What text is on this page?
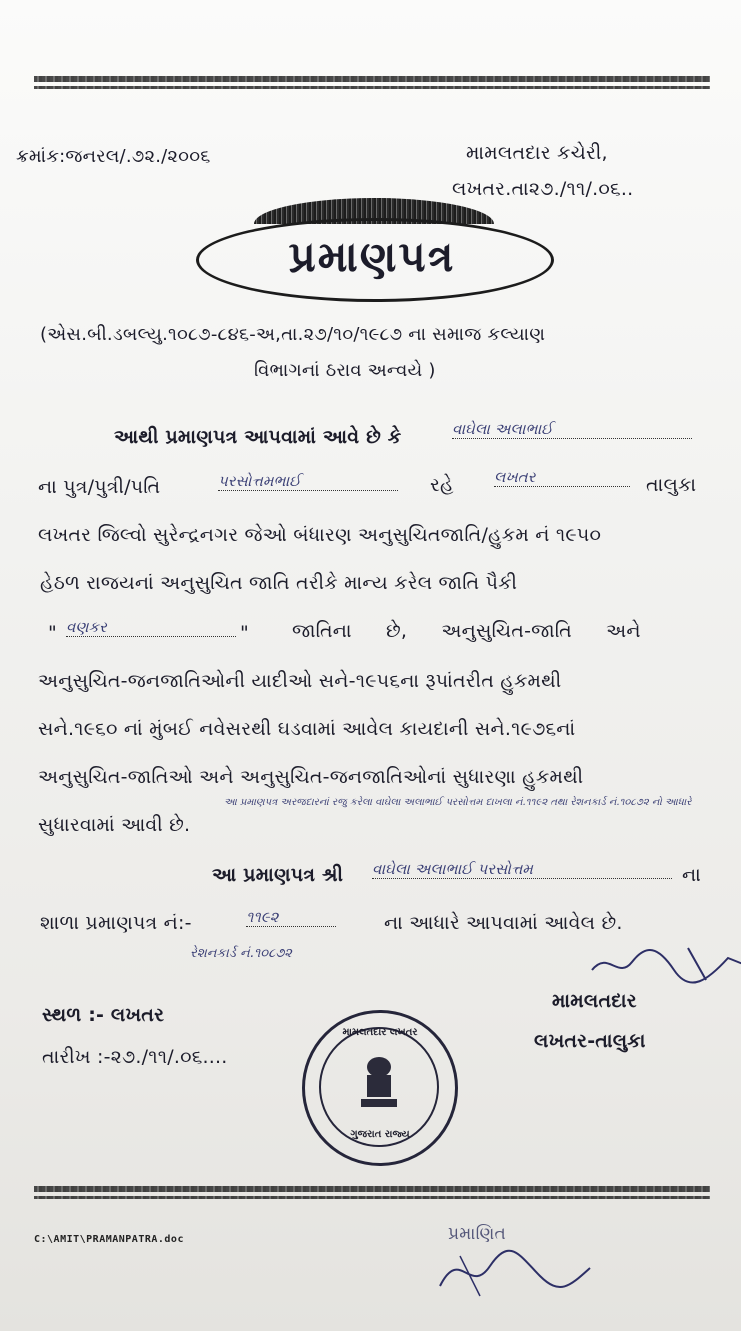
ક્રમાંક:જનરલ/.૭૨./૨૦૦૬	મામલતદાર કચેરી,
લખતર.તા૨૭./૧૧/.૦૬..
પ્રમાણપત્ર
(એસ.બી.ડબલ્યુ.૧૦૮૭-૮૪૬-અ,તા.૨૭/૧૦/૧૯૮૭ ના સમાજ કલ્યાણ
વિભાગનાં ઠરાવ અન્વયે )
આથી પ્રમાણપત્ર આપવામાં આવે છે કે	વાઘેલા અલાભાઈ
ના પુત્ર/પુત્રી/પતિ	પરસોત્તમભાઈ	રહે	લખતર	તાલુકા
લખતર જિલ્વો સુરેન્દ્રનગર જેઓ બંધારણ અનુસુચિતજાતિ/હુકમ નં ૧૯૫૦
હેઠળ રાજયનાં અનુસુચિત જાતિ તરીકે માન્ય કરેલ જાતિ પૈકી
" વણકર	" જાતિના છે, અનુસુચિત-જાતિ અને
અનુસુચિત-જનજાતિઓની યાદીઓ સને-૧૯૫૬ના રૂપાંતરીત હુકમથી
સને.૧૯૬૦ નાં મુંબઈ નવેસરથી ઘડવામાં આવેલ કાયદાની સને.૧૯૭૬નાં
અનુસુચિત-જાતિઓ અને અનુસુચિત-જનજાતિઓનાં સુધારણા હુકમથી
સુધારવામાં આવી છે.
આ પ્રમાણપત્ર અરજદારનાં રજુ કરેલા વાઘેલા અલાભાઈ પરસોત્તમ દાખલા નં.૧૧૯૨ તથા રેશનકાર્ડ નં.૧૦૮૭૨ નો આધારે
આ પ્રમાણપત્ર શ્રી વાઘેલા અલાભાઈ પરસોત્તમ	ના
શાળા પ્રમાણપત્ર નં:-	૧૧૯૨	ના આધારે આપવામાં આવેલ છે.
રેશનકાર્ડ નં.૧૦૮૭૨
મામલતદાર
લખતર-તાલુકા
સ્થળ :- લખતર
તારીખ :-૨૭./૧૧/.૦૬....
મામલતદાર લખતર
ગુજરાત રાજ્ય
C:\AMIT\PRAMANPATRA.doc	પ્રમાણિત
